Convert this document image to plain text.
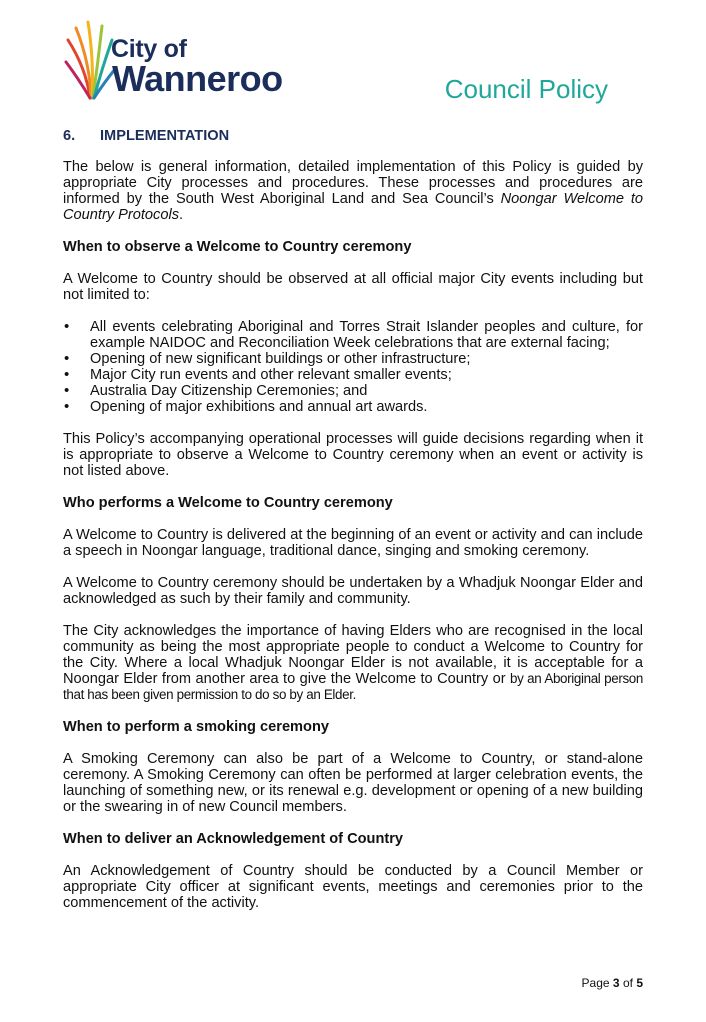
City of
Wanneroo	Council Policy
6.	IMPLEMENTATION

The below is general information, detailed implementation of this Policy is guided by appropriate City processes and procedures. These processes and procedures are informed by the South West Aboriginal Land and Sea Council’s Noongar Welcome to Country Protocols.

When to observe a Welcome to Country ceremony

A Welcome to Country should be observed at all official major City events including but not limited to:

• All events celebrating Aboriginal and Torres Strait Islander peoples and culture, for example NAIDOC and Reconciliation Week celebrations that are external facing;
• Opening of new significant buildings or other infrastructure;
• Major City run events and other relevant smaller events;
• Australia Day Citizenship Ceremonies; and
• Opening of major exhibitions and annual art awards.

This Policy’s accompanying operational processes will guide decisions regarding when it is appropriate to observe a Welcome to Country ceremony when an event or activity is not listed above.

Who performs a Welcome to Country ceremony

A Welcome to Country is delivered at the beginning of an event or activity and can include a speech in Noongar language, traditional dance, singing and smoking ceremony.

A Welcome to Country ceremony should be undertaken by a Whadjuk Noongar Elder and acknowledged as such by their family and community.

The City acknowledges the importance of having Elders who are recognised in the local community as being the most appropriate people to conduct a Welcome to Country for the City. Where a local Whadjuk Noongar Elder is not available, it is acceptable for a Noongar Elder from another area to give the Welcome to Country or by an Aboriginal person that has been given permission to do so by an Elder.

When to perform a smoking ceremony

A Smoking Ceremony can also be part of a Welcome to Country, or stand-alone ceremony. A Smoking Ceremony can often be performed at larger celebration events, the launching of something new, or its renewal e.g. development or opening of a new building or the swearing in of new Council members.

When to deliver an Acknowledgement of Country

An Acknowledgement of Country should be conducted by a Council Member or appropriate City officer at significant events, meetings and ceremonies prior to the commencement of the activity.

Page 3 of 5
